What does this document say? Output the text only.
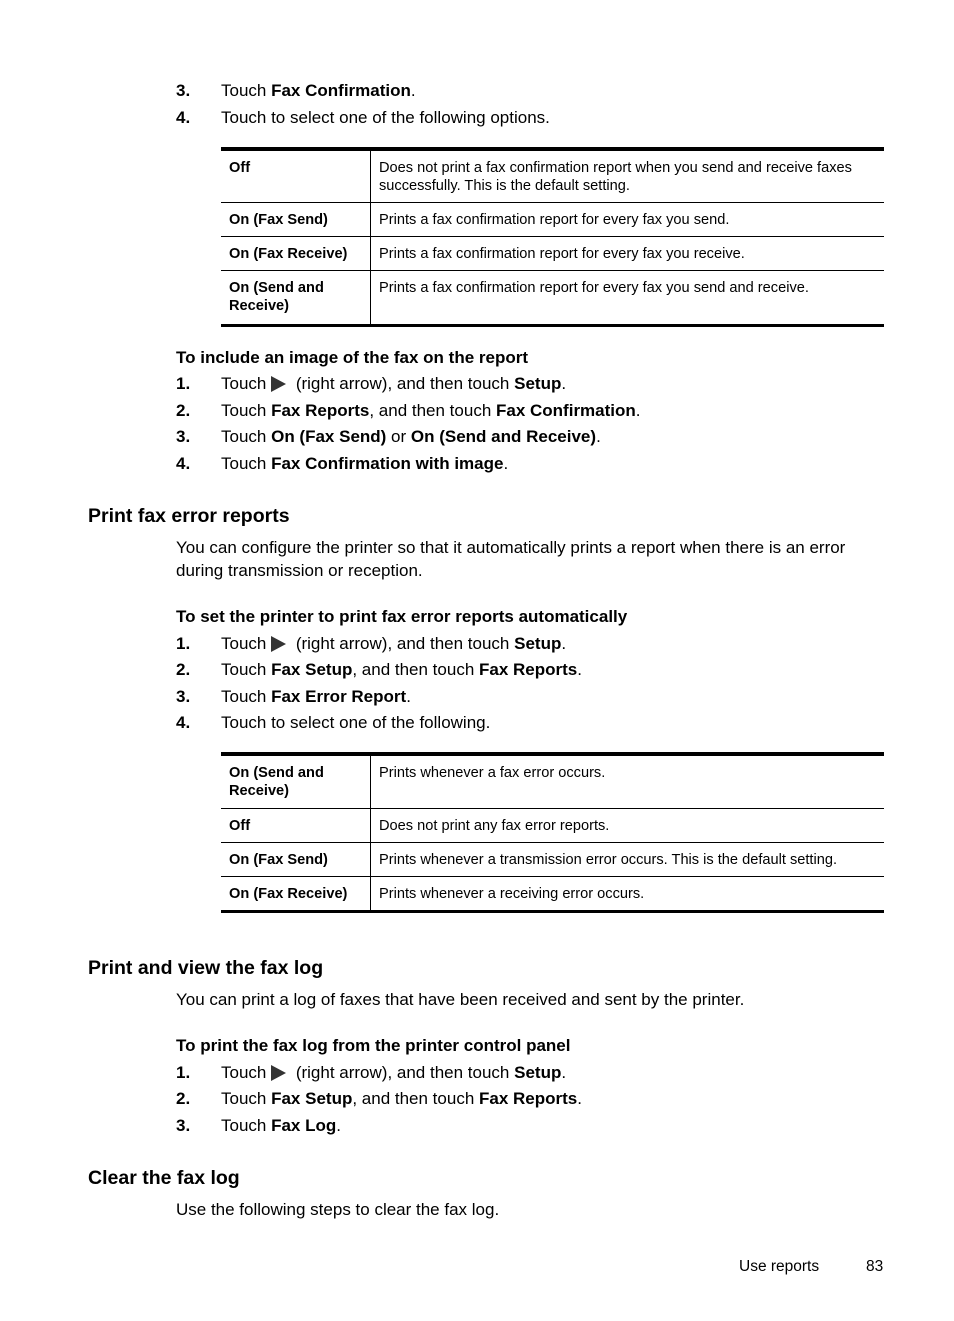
3. Touch Fax Confirmation.
4. Touch to select one of the following options.
Off	Does not print a fax confirmation report when you send and receive faxes successfully. This is the default setting.
On (Fax Send)	Prints a fax confirmation report for every fax you send.
On (Fax Receive)	Prints a fax confirmation report for every fax you receive.
On (Send and Receive)	Prints a fax confirmation report for every fax you send and receive.
To include an image of the fax on the report
1. Touch  (right arrow), and then touch Setup.
2. Touch Fax Reports, and then touch Fax Confirmation.
3. Touch On (Fax Send) or On (Send and Receive).
4. Touch Fax Confirmation with image.
Print fax error reports
You can configure the printer so that it automatically prints a report when there is an error during transmission or reception.
To set the printer to print fax error reports automatically
1. Touch  (right arrow), and then touch Setup.
2. Touch Fax Setup, and then touch Fax Reports.
3. Touch Fax Error Report.
4. Touch to select one of the following.
On (Send and Receive)	Prints whenever a fax error occurs.
Off	Does not print any fax error reports.
On (Fax Send)	Prints whenever a transmission error occurs. This is the default setting.
On (Fax Receive)	Prints whenever a receiving error occurs.
Print and view the fax log
You can print a log of faxes that have been received and sent by the printer.
To print the fax log from the printer control panel
1. Touch  (right arrow), and then touch Setup.
2. Touch Fax Setup, and then touch Fax Reports.
3. Touch Fax Log.
Clear the fax log
Use the following steps to clear the fax log.
Use reports	83
